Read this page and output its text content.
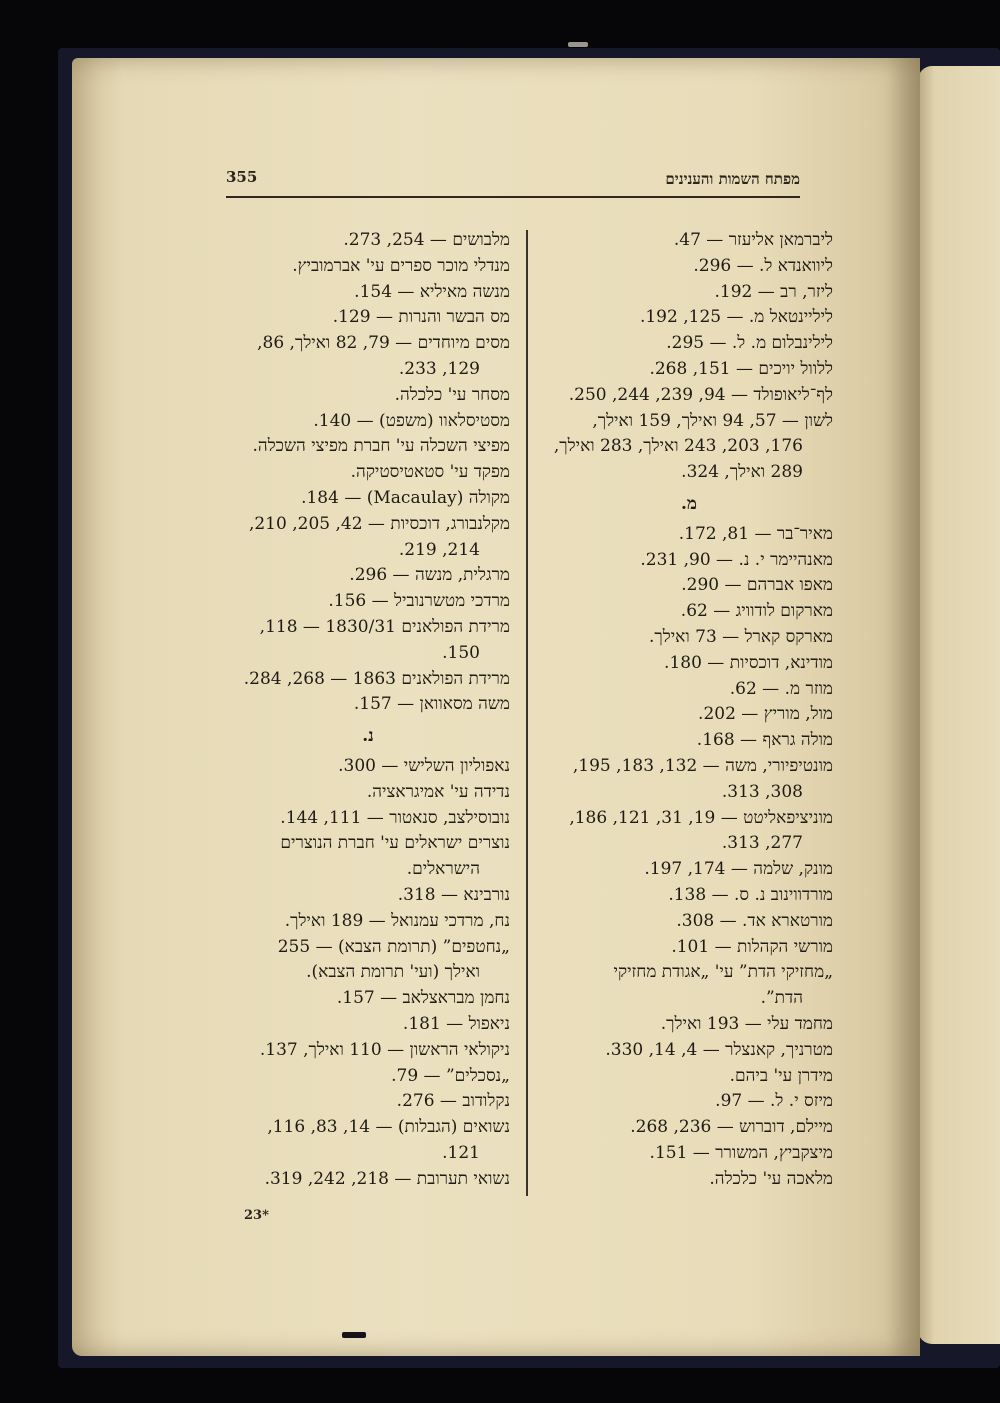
355	מפתח השמות והענינים
ליברמאן אליעזר — 47.
ליוואנדא ל. — 296.
ליזר, רב — 192.
ליליינטאל מ. — 125, 192.
לילינבלום מ. ל. — 295.
ללוול יויכים — 151, 268.
לף־ליאופולד — 94, 239, 244, 250.
לשון — 57, 94 ואילך, 159 ואילך,
176, 203, 243 ואילך, 283 ואילך,
289 ואילך, 324.
מ.
מאיר־בר — 81, 172.
מאנהיימר י. נ. — 90, 231.
מאפו אברהם — 290.
מארקום לודוויג — 62.
מארקס קארל — 73 ואילך.
מודינא, דוכסיות — 180.
מוזר מ. — 62.
מול, מוריץ — 202.
מולה גראף — 168.
מונטיפיורי, משה — 132, 183, 195,
308, 313.
מוניציפאליטט — 19, 31, 121, 186,
277, 313.
מונק, שלמה — 174, 197.
מורדווינוב נ. ס. — 138.
מורטארא אד. — 308.
מורשי הקהלות — 101.
„מחזיקי הדת” עי' „אגודת מחזיקי
הדת”.
מחמד עלי — 193 ואילך.
מטרניך, קאנצלר — 4, 14, 330.
מידרן עי' ביהם.
מיזס י. ל. — 97.
מיילם, דוברוש — 236, 268.
מיצקביץ, המשורר — 151.
מלאכה עי' כלכלה.
מלבושים — 254, 273.
מנדלי מוכר ספרים עי' אברמוביץ.
מנשה מאיליא — 154.
מס הבשר והנרות — 129.
מסים מיוחדים — 79, 82 ואילך, 86,
129, 233.
מסחר עי' כלכלה.
מסטיסלאוו (משפט) — 140.
מפיצי השכלה עי' חברת מפיצי השכלה.
מפקד עי' סטאטיסטיקה.
מקולה (Macaulay) — 184.
מקלנבורג, דוכסיות — 42, 205, 210,
214, 219.
מרגלית, מנשה — 296.
מרדכי מטשרנוביל — 156.
מרידת הפולאנים 1830/31 — 118,
150.
מרידת הפולאנים 1863 — 268, 284.
משה מסאוואן — 157.
נ.
נאפוליון השלישי — 300.
נדידה עי' אמיגראציה.
נובוסילצב, סנאטור — 111, 144.
נוצרים ישראלים עי' חברת הנוצרים
הישראלים.
נורבינא — 318.
נח, מרדכי עמנואל — 189 ואילך.
„נחטפים” (תרומת הצבא) — 255
ואילך (ועי' תרומת הצבא).
נחמן מבראצלאב — 157.
ניאפול — 181.
ניקולאי הראשון — 110 ואילך, 137.
„נסכלים” — 79.
נקלודוב — 276.
נשואים (הגבלות) — 14, 83, 116,
121.
נשואי תערובת — 218, 242, 319.
23*
